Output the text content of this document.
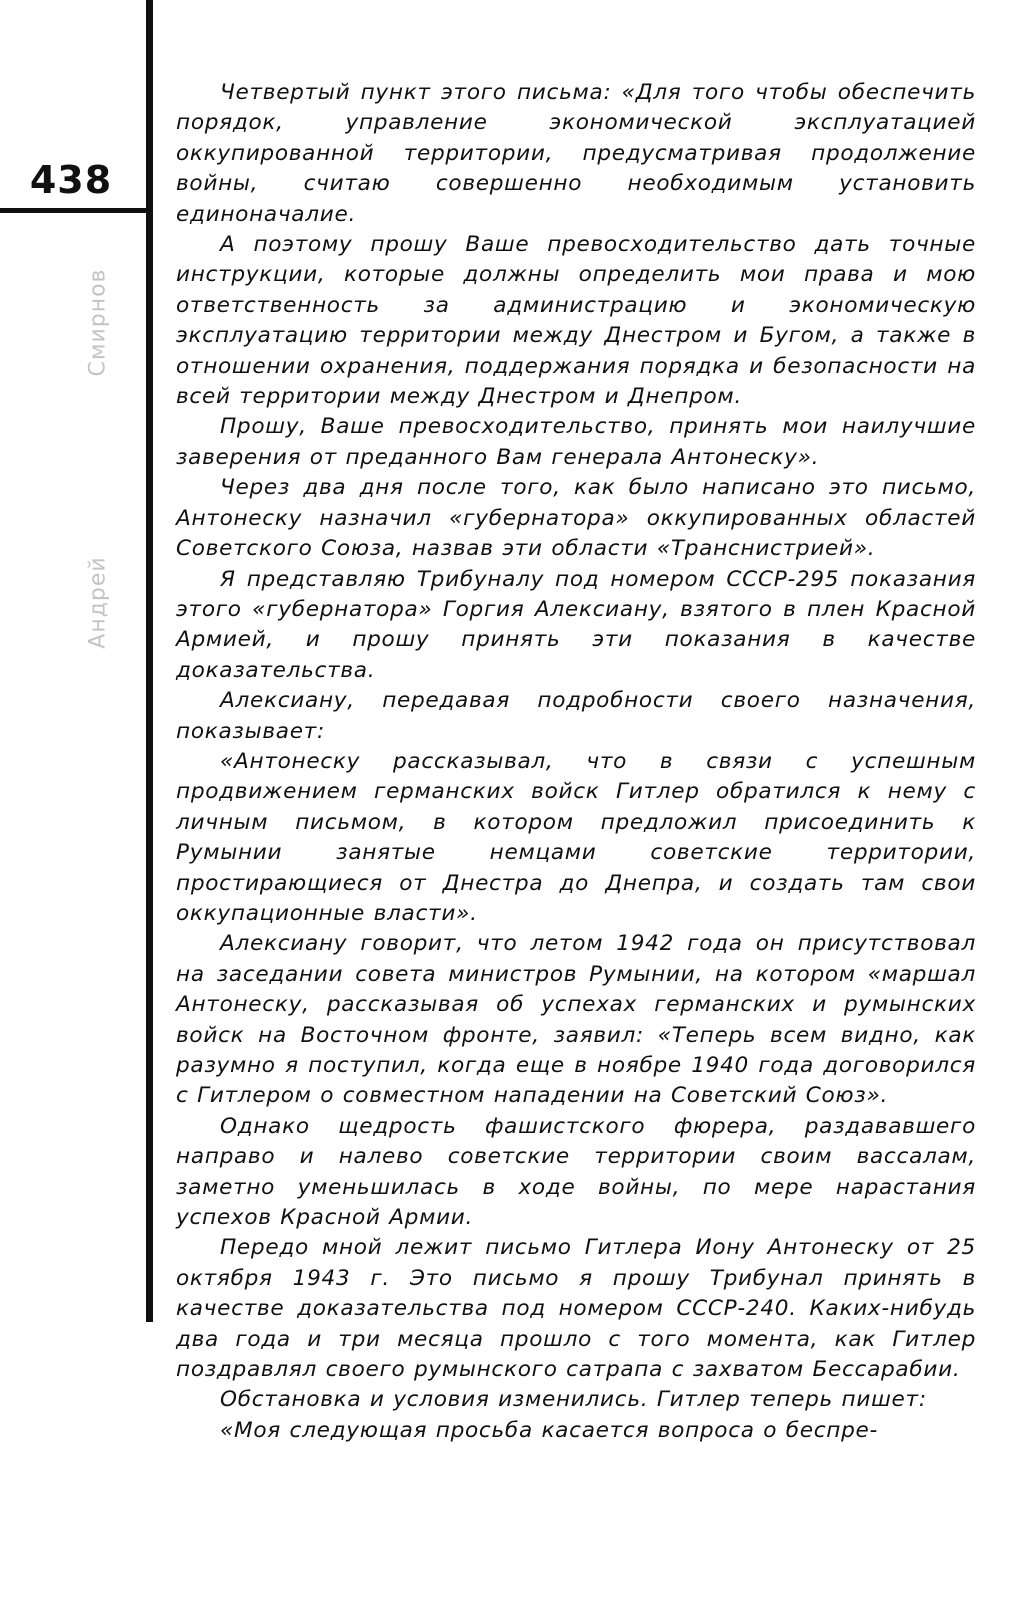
438
Смирнов
Андрей

Четвертый пункт этого письма: «Для того чтобы обеспечить порядок, управление экономической эксплуатацией оккупированной территории, предусматривая продолжение войны, считаю совершенно необходимым установить единоначалие.

А поэтому прошу Ваше превосходительство дать точные инструкции, которые должны определить мои права и мою ответственность за администрацию и экономическую эксплуатацию территории между Днестром и Бугом, а также в отношении охранения, поддержания порядка и безопасности на всей территории между Днестром и Днепром.

Прошу, Ваше превосходительство, принять мои наилучшие заверения от преданного Вам генерала Антонеску».

Через два дня после того, как было написано это письмо, Антонеску назначил «губернатора» оккупированных областей Советского Союза, назвав эти области «Транснистрией».

Я представляю Трибуналу под номером СССР-295 показания этого «губернатора» Горгия Алексиану, взятого в плен Красной Армией, и прошу принять эти показания в качестве доказательства.

Алексиану, передавая подробности своего назначения, показывает:

«Антонеску рассказывал, что в связи с успешным продвижением германских войск Гитлер обратился к нему с личным письмом, в котором предложил присоединить к Румынии занятые немцами советские территории, простирающиеся от Днестра до Днепра, и создать там свои оккупационные власти».

Алексиану говорит, что летом 1942 года он присутствовал на заседании совета министров Румынии, на котором «маршал Антонеску, рассказывая об успехах германских и румынских войск на Восточном фронте, заявил: «Теперь всем видно, как разумно я поступил, когда еще в ноябре 1940 года договорился с Гитлером о совместном нападении на Советский Союз».

Однако щедрость фашистского фюрера, раздававшего направо и налево советские территории своим вассалам, заметно уменьшилась в ходе войны, по мере нарастания успехов Красной Армии.

Передо мной лежит письмо Гитлера Иону Антонеску от 25 октября 1943 г. Это письмо я прошу Трибунал принять в качестве доказательства под номером СССР-240. Каких-нибудь два года и три месяца прошло с того момента, как Гитлер поздравлял своего румынского сатрапа с захватом Бессарабии.

Обстановка и условия изменились. Гитлер теперь пишет:

«Моя следующая просьба касается вопроса о беспре-
